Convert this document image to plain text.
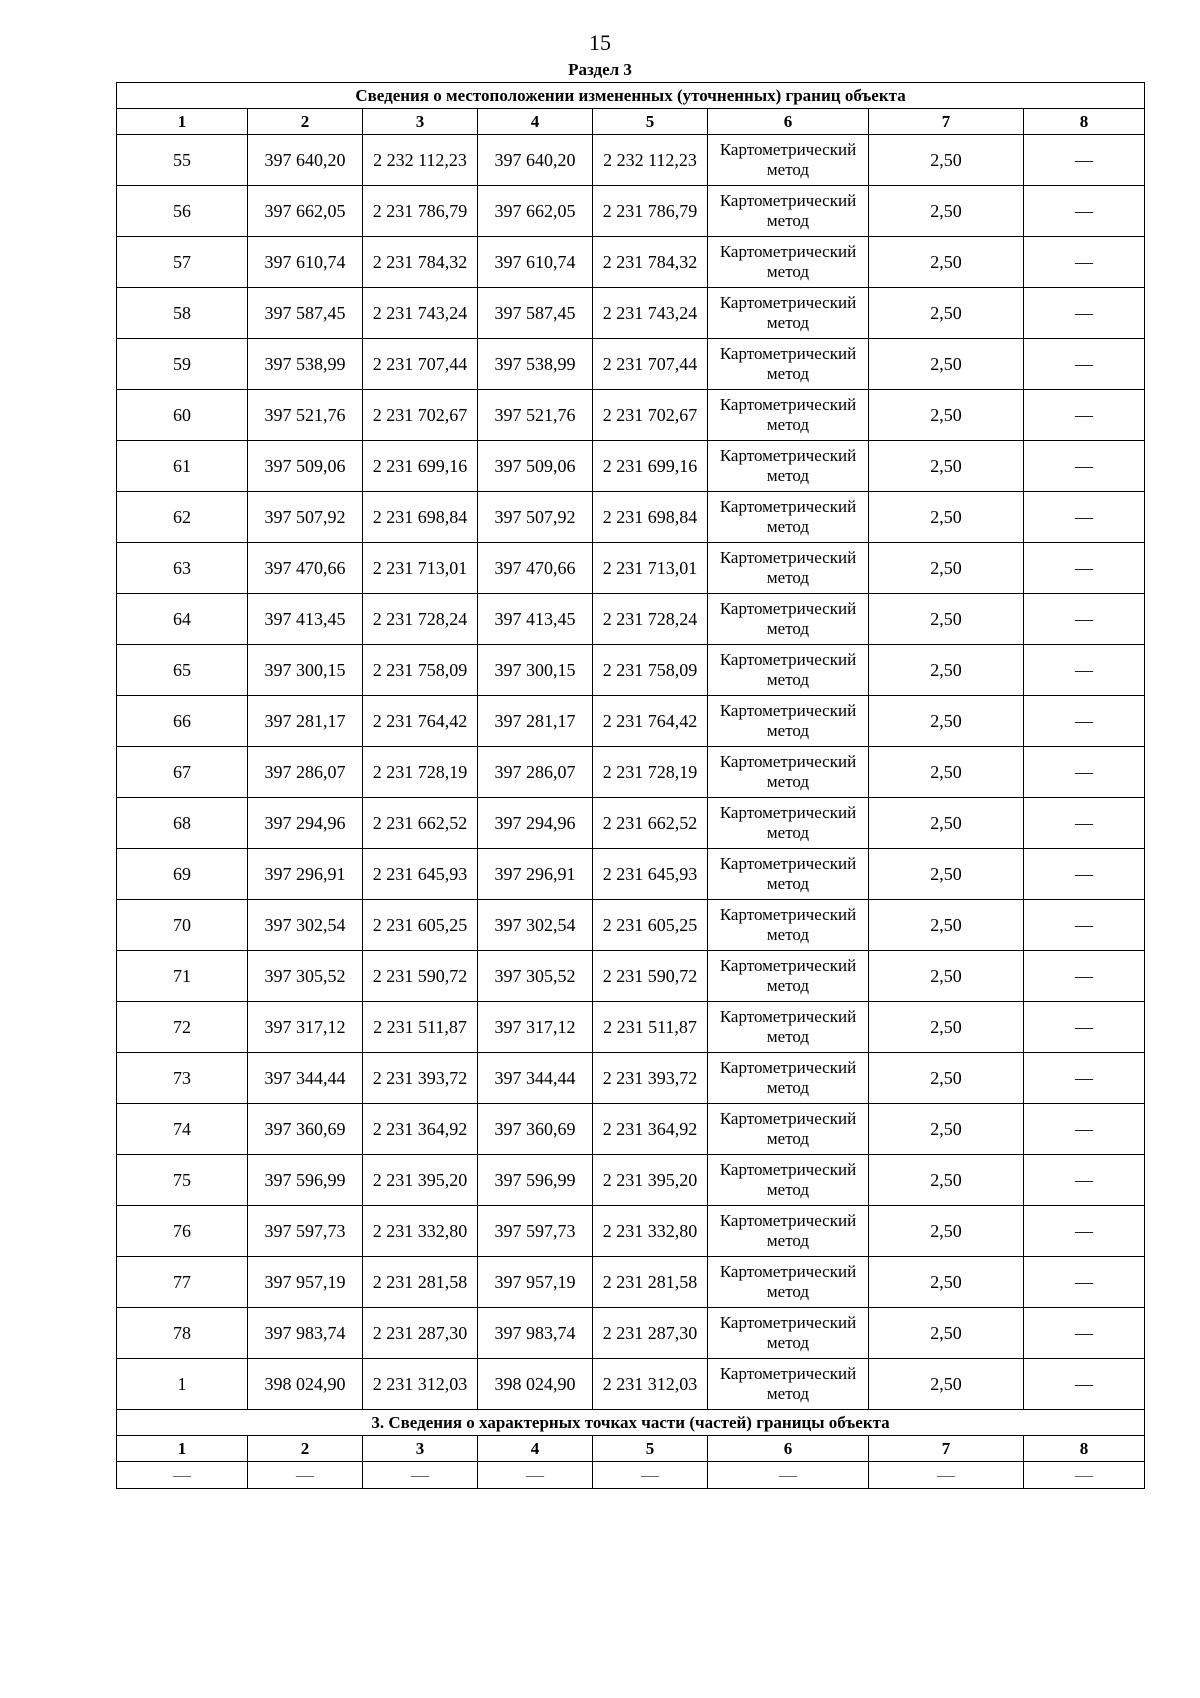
15
Раздел 3
Сведения о местоположении измененных (уточненных) границ объекта							
1	2	3	4	5	6	7	8
55	397 640,20	2 232 112,23	397 640,20	2 232 112,23	Картометрический метод	2,50	—
56	397 662,05	2 231 786,79	397 662,05	2 231 786,79	Картометрический метод	2,50	—
57	397 610,74	2 231 784,32	397 610,74	2 231 784,32	Картометрический метод	2,50	—
58	397 587,45	2 231 743,24	397 587,45	2 231 743,24	Картометрический метод	2,50	—
59	397 538,99	2 231 707,44	397 538,99	2 231 707,44	Картометрический метод	2,50	—
60	397 521,76	2 231 702,67	397 521,76	2 231 702,67	Картометрический метод	2,50	—
61	397 509,06	2 231 699,16	397 509,06	2 231 699,16	Картометрический метод	2,50	—
62	397 507,92	2 231 698,84	397 507,92	2 231 698,84	Картометрический метод	2,50	—
63	397 470,66	2 231 713,01	397 470,66	2 231 713,01	Картометрический метод	2,50	—
64	397 413,45	2 231 728,24	397 413,45	2 231 728,24	Картометрический метод	2,50	—
65	397 300,15	2 231 758,09	397 300,15	2 231 758,09	Картометрический метод	2,50	—
66	397 281,17	2 231 764,42	397 281,17	2 231 764,42	Картометрический метод	2,50	—
67	397 286,07	2 231 728,19	397 286,07	2 231 728,19	Картометрический метод	2,50	—
68	397 294,96	2 231 662,52	397 294,96	2 231 662,52	Картометрический метод	2,50	—
69	397 296,91	2 231 645,93	397 296,91	2 231 645,93	Картометрический метод	2,50	—
70	397 302,54	2 231 605,25	397 302,54	2 231 605,25	Картометрический метод	2,50	—
71	397 305,52	2 231 590,72	397 305,52	2 231 590,72	Картометрический метод	2,50	—
72	397 317,12	2 231 511,87	397 317,12	2 231 511,87	Картометрический метод	2,50	—
73	397 344,44	2 231 393,72	397 344,44	2 231 393,72	Картометрический метод	2,50	—
74	397 360,69	2 231 364,92	397 360,69	2 231 364,92	Картометрический метод	2,50	—
75	397 596,99	2 231 395,20	397 596,99	2 231 395,20	Картометрический метод	2,50	—
76	397 597,73	2 231 332,80	397 597,73	2 231 332,80	Картометрический метод	2,50	—
77	397 957,19	2 231 281,58	397 957,19	2 231 281,58	Картометрический метод	2,50	—
78	397 983,74	2 231 287,30	397 983,74	2 231 287,30	Картометрический метод	2,50	—
1	398 024,90	2 231 312,03	398 024,90	2 231 312,03	Картометрический метод	2,50	—
3. Сведения о характерных точках части (частей) границы объекта							
1	2	3	4	5	6	7	8
—	—	—	—	—	—	—	—
